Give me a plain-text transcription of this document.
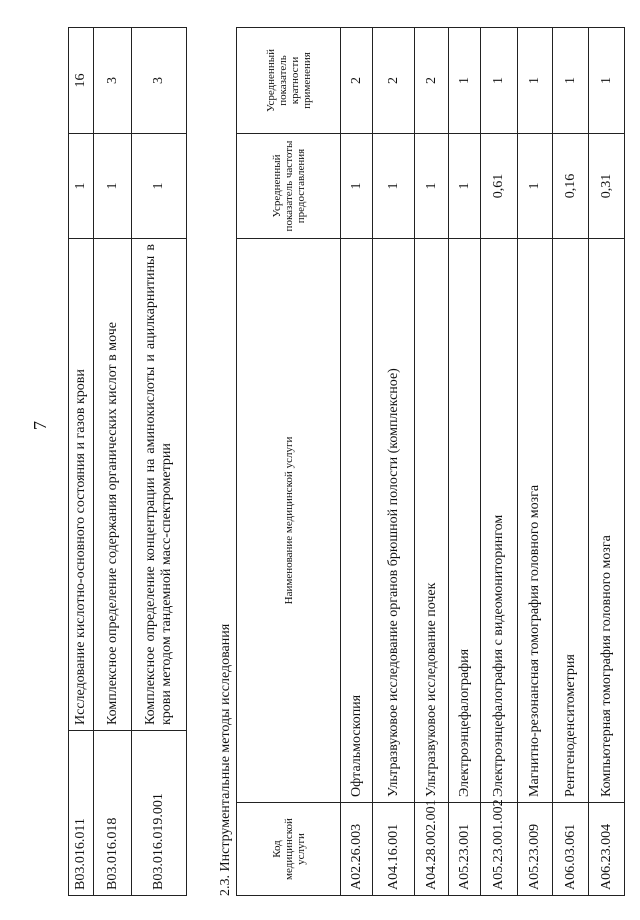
7
B03.016.011	Исследование кислотно-основного состояния и газов крови	1	16
B03.016.018	Комплексное определение содержания органических кислот в моче	1	3
B03.016.019.001	Комплексное определение концентрации на аминокислоты и ацилкарнитины в крови методом тандемной масс-спектрометрии	1	3
2.3. Инструментальные методы исследования	Код медицинской услуги	Наименование медицинской услуги	Усредненный показатель частоты предоставления	Усредненный показатель кратности применения
A02.26.003	Офтальмоскопия	1	2
A04.16.001	Ультразвуковое исследование органов брюшной полости (комплексное)	1	2
A04.28.002.001	Ультразвуковое исследование почек	1	2
A05.23.001	Электроэнцефалография	1	1
A05.23.001.002	Электроэнцефалография с видеомониторингом	0,61	1
A05.23.009	Магнитно-резонансная томография головного мозга	1	1
A06.03.061	Рентгеноденситометрия	0,16	1
A06.23.004	Компьютерная томография головного мозга	0,31	1
